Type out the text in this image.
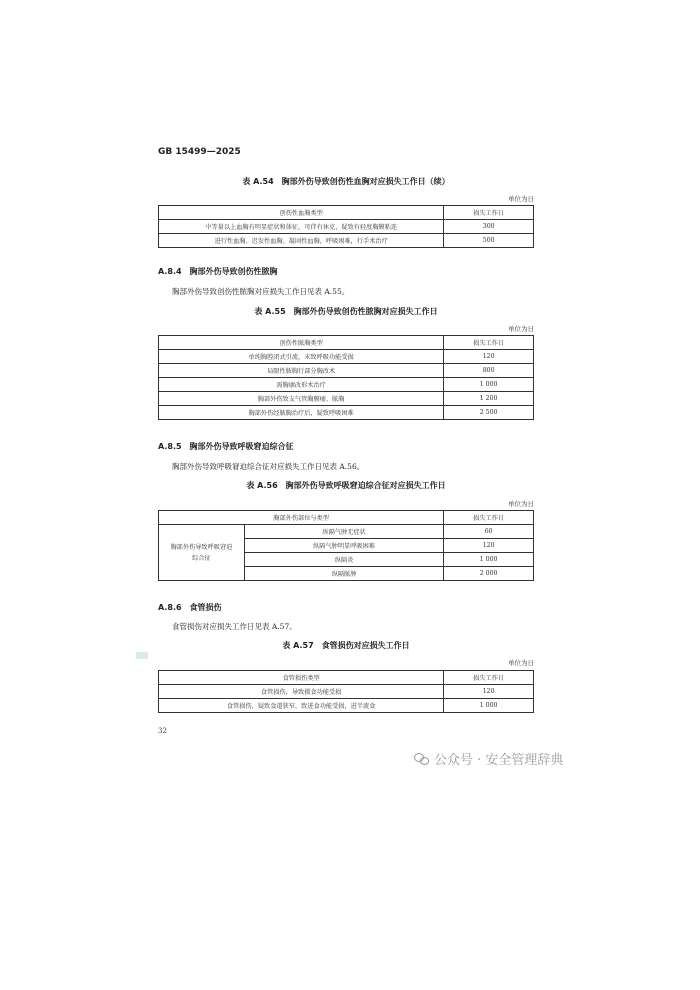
GB 15499—2025
表 A.54　胸部外伤导致创伤性血胸对应损失工作日（续）
单位为日
创伤性血胸类型	损失工作日
中等量以上血胸有明显症状和体征，可伴有休克，疑致有轻度胸膜粘连	300
进行性血胸、迟发性血胸、凝固性血胸，呼吸困难，行手术治疗	500
A.8.4　胸部外伤导致创伤性脓胸
胸部外伤导致创伤性脓胸对应损失工作日见表 A.55。
表 A.55　胸部外伤导致创伤性脓胸对应损失工作日
单位为日
创伤性脓胸类型	损失工作日
单纯胸腔闭式引流，未致呼吸功能受损	120
局限性脓胸行部分胸改术	800
需胸廓改形术治疗	1 000
胸部外伤致支气管胸膜瘘、脓胸	1 200
胸部外伤经脓胸治疗后，疑致呼吸困难	2 500
A.8.5　胸部外伤导致呼吸窘迫综合征
胸部外伤导致呼吸窘迫综合征对应损失工作日见表 A.56。
表 A.56　胸部外伤导致呼吸窘迫综合征对应损失工作日
单位为日
胸部外伤部位与类型		损失工作日

胸部外伤导致呼吸窘迫
综合征	纵隔气肿无症状	60
	纵隔气肿明显呼吸困难	120
	纵隔炎	1 000
	纵隔脓肿	2 000
A.8.6　食管损伤
食管损伤对应损失工作日见表 A.57。
表 A.57　食管损伤对应损失工作日
单位为日
食管损伤类型	损失工作日
食管损伤，导致摄食功能受损	120
食管损伤，疑致食道狭窄，致进食功能受损，进半流食	1 000
32
公众号 · 安全管理辞典
